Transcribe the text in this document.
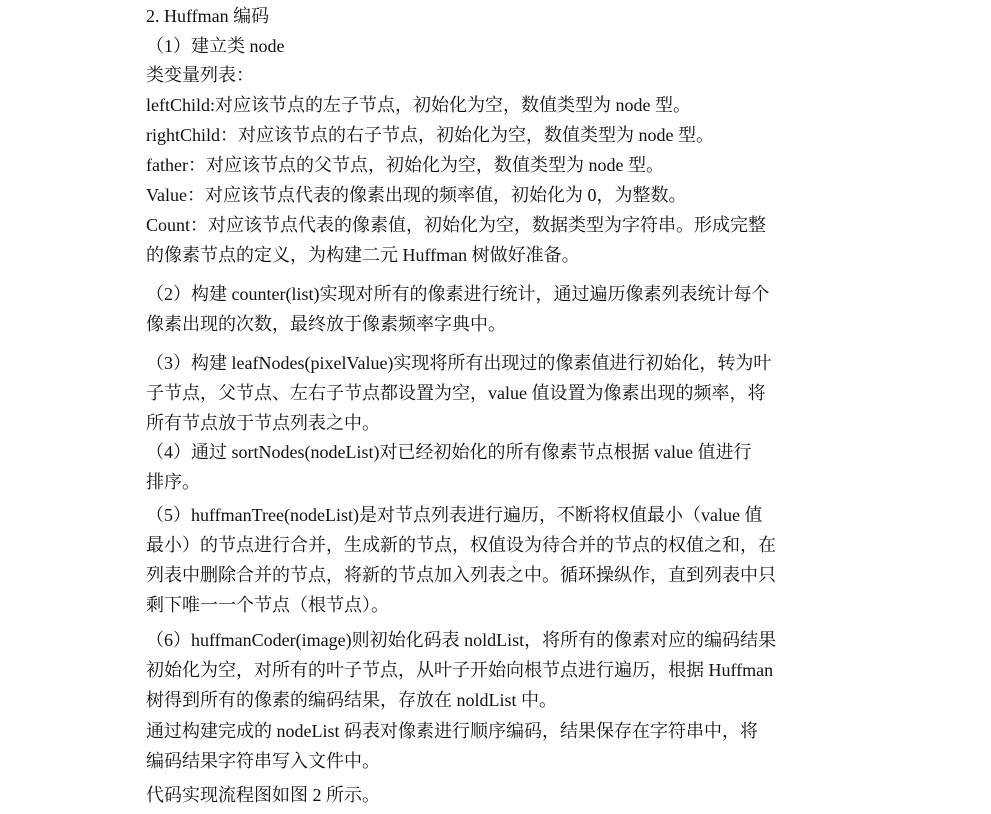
2. Huffman 编码
（1）建立类 node
类变量列表：
leftChild:对应该节点的左子节点，初始化为空，数值类型为 node 型。
rightChild：对应该节点的右子节点，初始化为空，数值类型为 node 型。
father：对应该节点的父节点，初始化为空，数值类型为 node 型。
Value：对应该节点代表的像素出现的频率值，初始化为 0，为整数。
Count：对应该节点代表的像素值，初始化为空，数据类型为字符串。形成完整
的像素节点的定义，为构建二元 Huffman 树做好准备。
（2）构建 counter(list)实现对所有的像素进行统计，通过遍历像素列表统计每个
像素出现的次数，最终放于像素频率字典中。
（3）构建 leafNodes(pixelValue)实现将所有出现过的像素值进行初始化，转为叶
子节点，父节点、左右子节点都设置为空，value 值设置为像素出现的频率，将
所有节点放于节点列表之中。
（4）通过 sortNodes(nodeList)对已经初始化的所有像素节点根据 value 值进行
排序。
（5）huffmanTree(nodeList)是对节点列表进行遍历，不断将权值最小（value 值
最小）的节点进行合并，生成新的节点，权值设为待合并的节点的权值之和，在
列表中删除合并的节点，将新的节点加入列表之中。循环操纵作，直到列表中只
剩下唯一一个节点（根节点）。
（6）huffmanCoder(image)则初始化码表 noldList，将所有的像素对应的编码结果
初始化为空，对所有的叶子节点，从叶子开始向根节点进行遍历，根据 Huffman
树得到所有的像素的编码结果，存放在 noldList 中。
通过构建完成的 nodeList 码表对像素进行顺序编码，结果保存在字符串中，将
编码结果字符串写入文件中。
代码实现流程图如图 2 所示。
